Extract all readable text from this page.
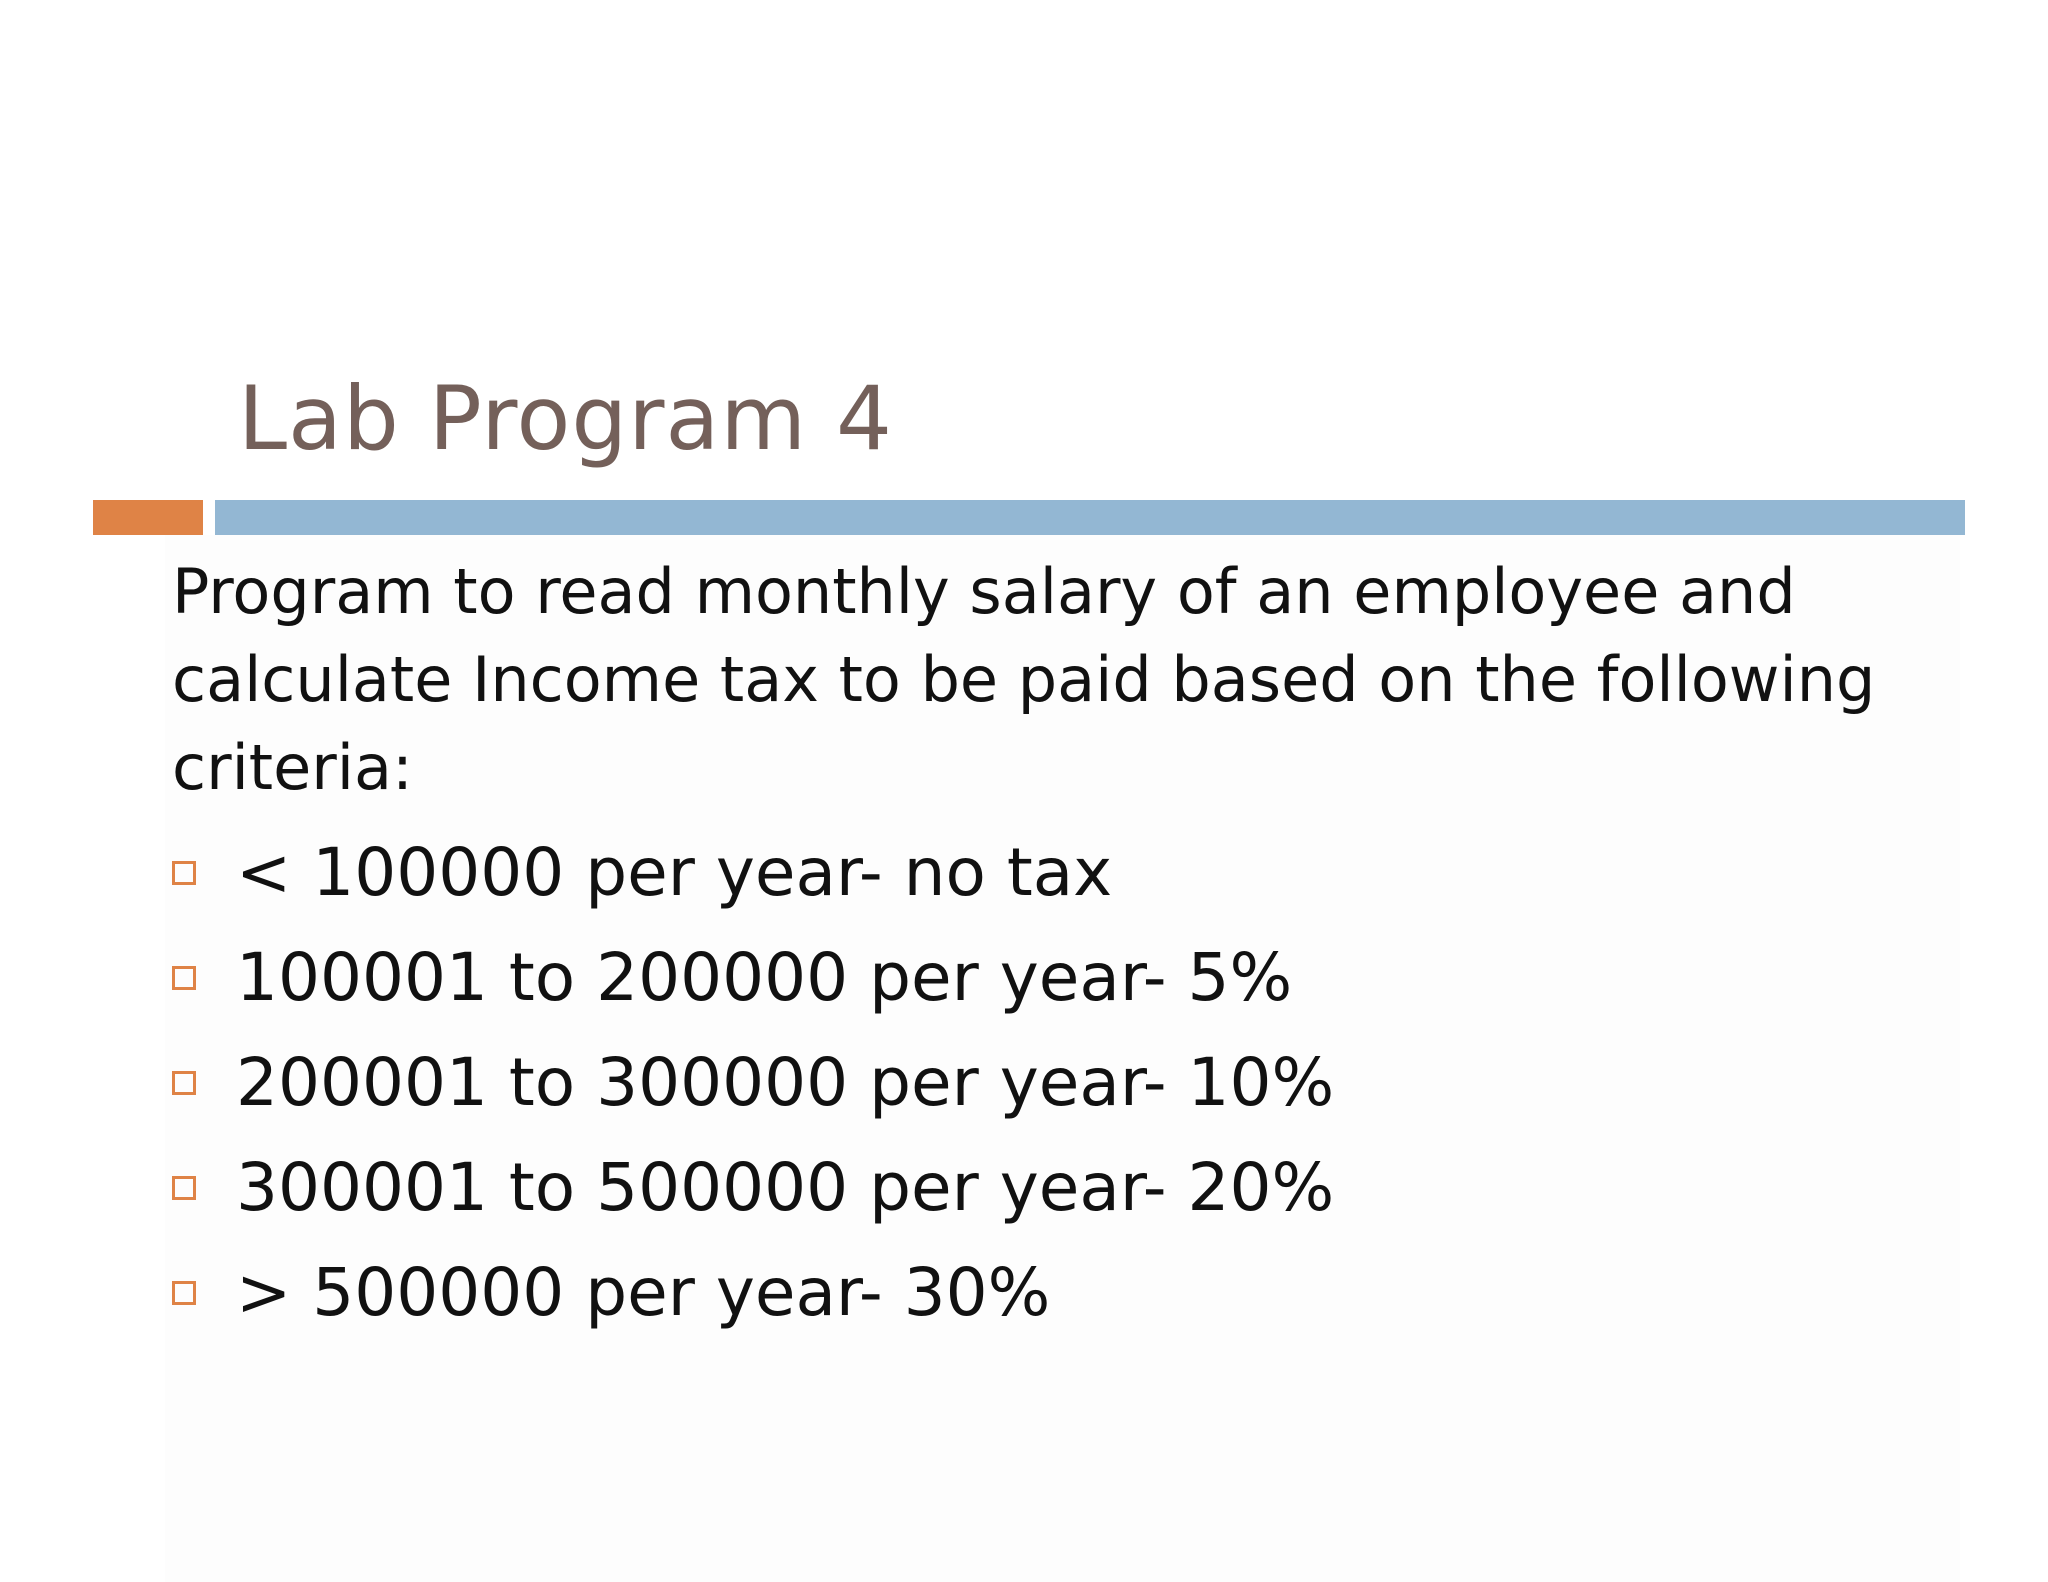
Lab Program 4

Program to read monthly salary of an employee and
calculate Income tax to be paid based on the following
criteria:

< 100000 per year- no tax
100001 to 200000 per year- 5%
200001 to 300000 per year- 10%
300001 to 500000 per year- 20%
> 500000 per year- 30%
